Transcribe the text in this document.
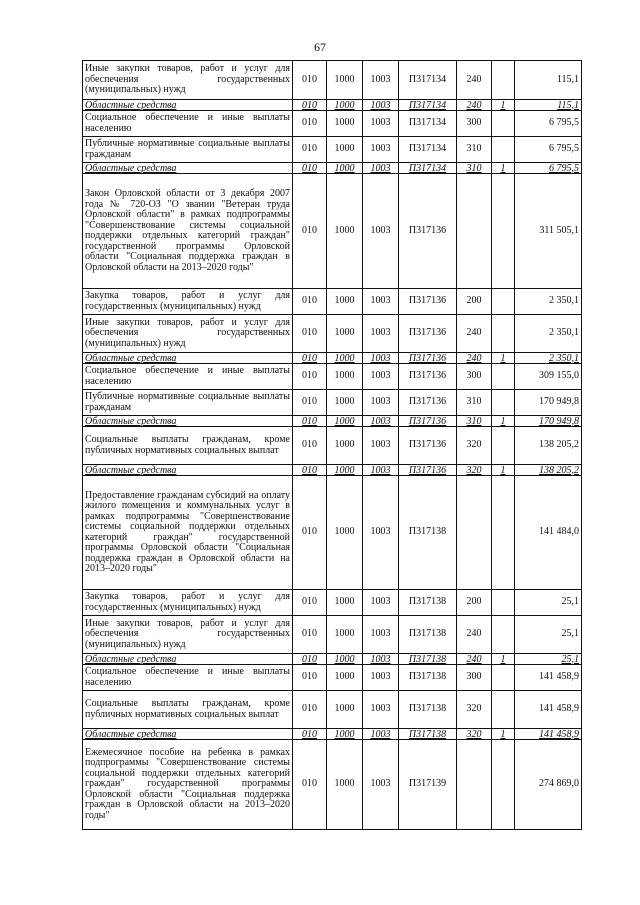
67
Иные закупки товаров, работ и услуг для обеспечения государственных (муниципальных) нужд	010	1000	1003	П317134	240		115,1
Областные средства	010	1000	1003	П317134	240	1	115,1
Социальное обеспечение и иные выплаты населению	010	1000	1003	П317134	300		6 795,5
Публичные нормативные социальные выплаты гражданам	010	1000	1003	П317134	310		6 795,5
Областные средства	010	1000	1003	П317134	310	1	6 795,5
Закон Орловской области от 3 декабря 2007 года № 720-ОЗ "О звании "Ветеран труда Орловской области" в рамках подпрограммы "Совершенствование системы социальной поддержки отдельных категорий граждан" государственной программы Орловской области "Социальная поддержка граждан в Орловской области на 2013–2020 годы"	010	1000	1003	П317136			311 505,1
Закупка товаров, работ и услуг для государственных (муниципальных) нужд	010	1000	1003	П317136	200		2 350,1
Иные закупки товаров, работ и услуг для обеспечения государственных (муниципальных) нужд	010	1000	1003	П317136	240		2 350,1
Областные средства	010	1000	1003	П317136	240	1	2 350,1
Социальное обеспечение и иные выплаты населению	010	1000	1003	П317136	300		309 155,0
Публичные нормативные социальные выплаты гражданам	010	1000	1003	П317136	310		170 949,8
Областные средства	010	1000	1003	П317136	310	1	170 949,8
Социальные выплаты гражданам, кроме публичных нормативных социальных выплат	010	1000	1003	П317136	320		138 205,2
Областные средства	010	1000	1003	П317136	320	1	138 205,2
Предоставление гражданам субсидий на оплату жилого помещения и коммунальных услуг в рамках подпрограммы "Совершенствование системы социальной поддержки отдельных категорий граждан" государственной программы Орловской области "Социальная поддержка граждан в Орловской области на 2013–2020 годы"	010	1000	1003	П317138			141 484,0
Закупка товаров, работ и услуг для государственных (муниципальных) нужд	010	1000	1003	П317138	200		25,1
Иные закупки товаров, работ и услуг для обеспечения государственных (муниципальных) нужд	010	1000	1003	П317138	240		25,1
Областные средства	010	1000	1003	П317138	240	1	25,1
Социальное обеспечение и иные выплаты населению	010	1000	1003	П317138	300		141 458,9
Социальные выплаты гражданам, кроме публичных нормативных социальных выплат	010	1000	1003	П317138	320		141 458,9
Областные средства	010	1000	1003	П317138	320	1	141 458,9
Ежемесячное пособие на ребенка в рамках подпрограммы "Совершенствование системы социальной поддержки отдельных категорий граждан" государственной программы Орловской области "Социальная поддержка граждан в Орловской области на 2013–2020 годы"	010	1000	1003	П317139			274 869,0
